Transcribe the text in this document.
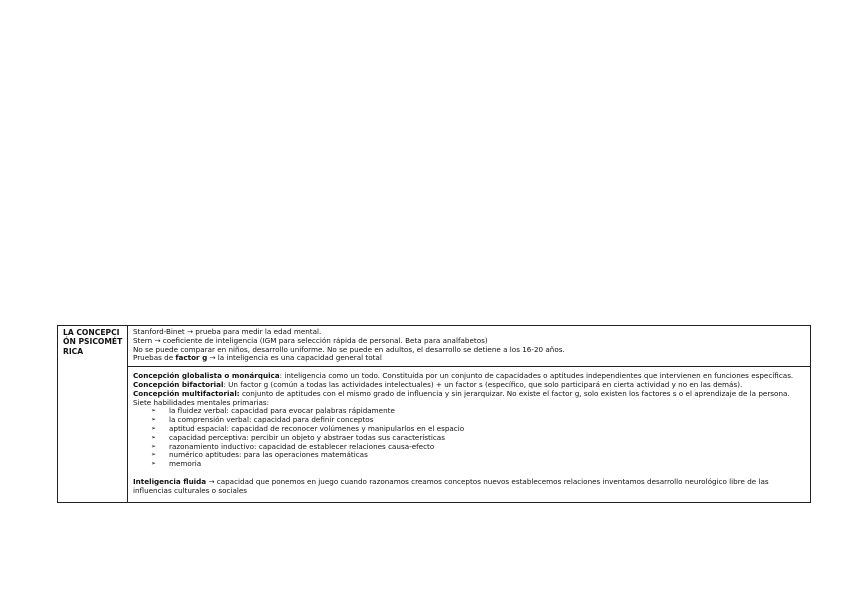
LA CONCEPCIÓN PSICOMÉTRICA	

Stanford-Binet → prueba para medir la edad mental.

Stern → coeficiente de inteligencia (IGM para selección rápida de personal. Beta para analfabetos)

No se puede comparar en niños, desarrollo uniforme. No se puede en adultos, el desarrollo se detiene a los 16-20 años.

Pruebas de factor g → la inteligencia es una capacidad general total

Concepción globalista o monárquica: inteligencia como un todo. Constituida por un conjunto de capacidades o aptitudes independientes que intervienen en funciones específicas.

Concepción bifactorial: Un factor g (común a todas las actividades intelectuales) + un factor s (específico, que solo participará en cierta actividad y no en las demás).

Concepción multifactorial: conjunto de aptitudes con el mismo grado de influencia y sin jerarquizar. No existe el factor g, solo existen los factores s o el aprendizaje de la persona. Siete habilidades mentales primarias:

➢ la fluidez verbal: capacidad para evocar palabras rápidamente
➢ la comprensión verbal: capacidad para definir conceptos
➢ aptitud espacial: capacidad de reconocer volúmenes y manipularlos en el espacio
➢ capacidad perceptiva: percibir un objeto y abstraer todas sus características
➢ razonamiento inductivo: capacidad de establecer relaciones causa-efecto
➢ numérico aptitudes: para las operaciones matemáticas
➢ memoria

Inteligencia fluida → capacidad que ponemos en juego cuando razonamos creamos conceptos nuevos establecemos relaciones inventamos desarrollo neurológico libre de las influencias culturales o sociales
